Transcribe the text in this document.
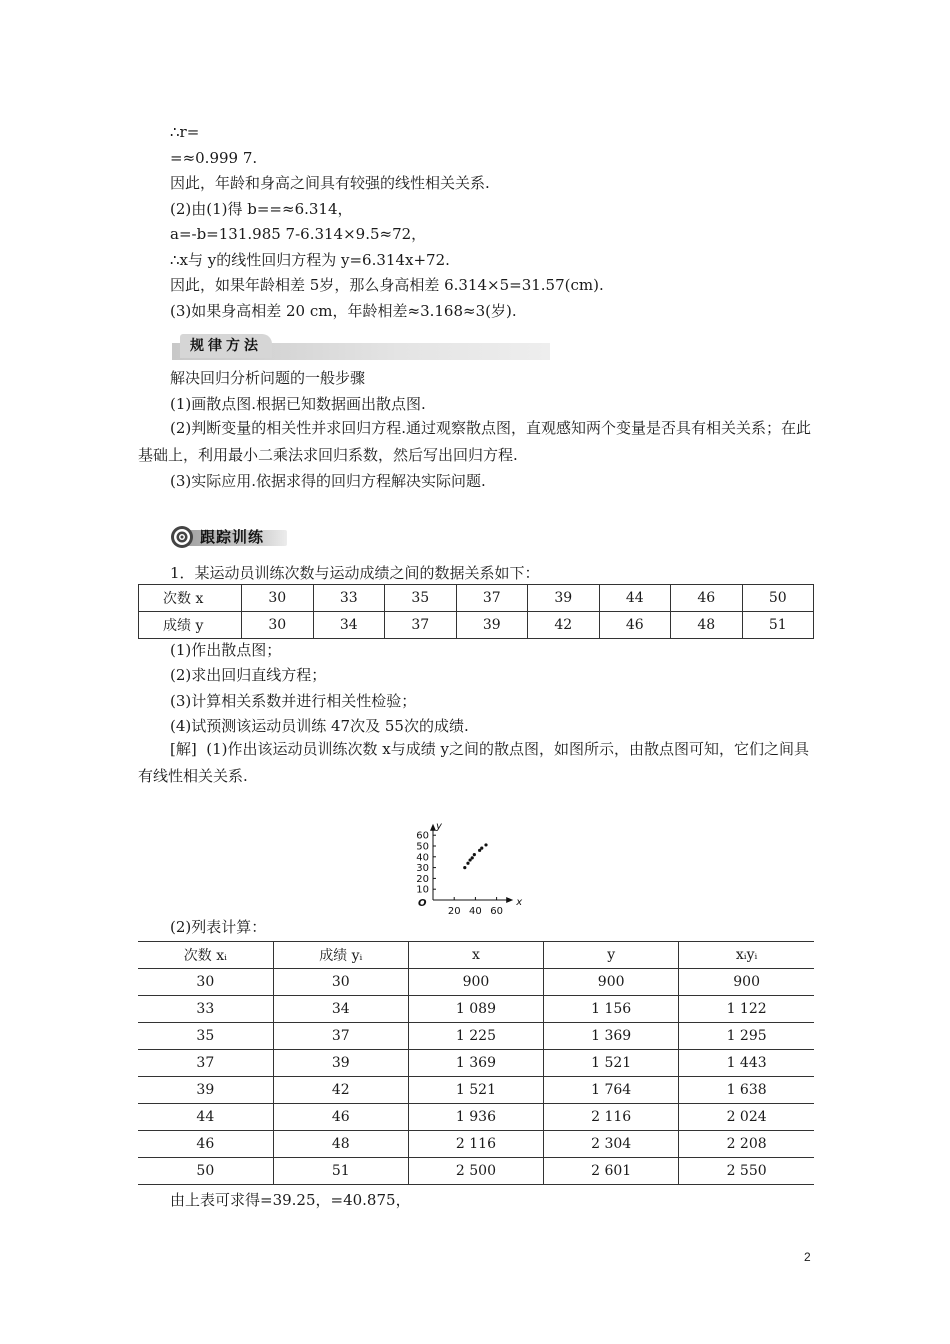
∴r=
=≈0.999 7.
因此，年龄和身高之间具有较强的线性相关关系.
(2)由(1)得 b==≈6.314，
a=-b=131.985 7-6.314×9.5≈72，
∴x与 y的线性回归方程为 y=6.314x+72.
因此，如果年龄相差 5岁，那么身高相差 6.314×5=31.57(cm).
(3)如果身高相差 20 cm，年龄相差≈3.168≈3(岁).
规律方法
解决回归分析问题的一般步骤
(1)画散点图.根据已知数据画出散点图.
(2)判断变量的相关性并求回归方程.通过观察散点图，直观感知两个变量是否具有相关关系；在此基础上，利用最小二乘法求回归系数，然后写出回归方程.
(3)实际应用.依据求得的回归方程解决实际问题.
跟踪训练
1．某运动员训练次数与运动成绩之间的数据关系如下：
次数 x	30	33	35	37	39	44	46	50
成绩 y	30	34	37	39	42	46	48	51
(1)作出散点图；
(2)求出回归直线方程；
(3)计算相关系数并进行相关性检验；
(4)试预测该运动员训练 47次及 55次的成绩.
[解] (1)作出该运动员训练次数 x与成绩 y之间的散点图，如图所示，由散点图可知，它们之间具有线性相关关系.
x
y
O
20 40 60
10
20
30
40
50
60
(2)列表计算：
次数 xᵢ	成绩 yᵢ	x	y	xᵢyᵢ
30	30	900	900	900
33	34	1 089	1 156	1 122
35	37	1 225	1 369	1 295
37	39	1 369	1 521	1 443
39	42	1 521	1 764	1 638
44	46	1 936	2 116	2 024
46	48	2 116	2 304	2 208
50	51	2 500	2 601	2 550
由上表可求得=39.25，=40.875，
2
